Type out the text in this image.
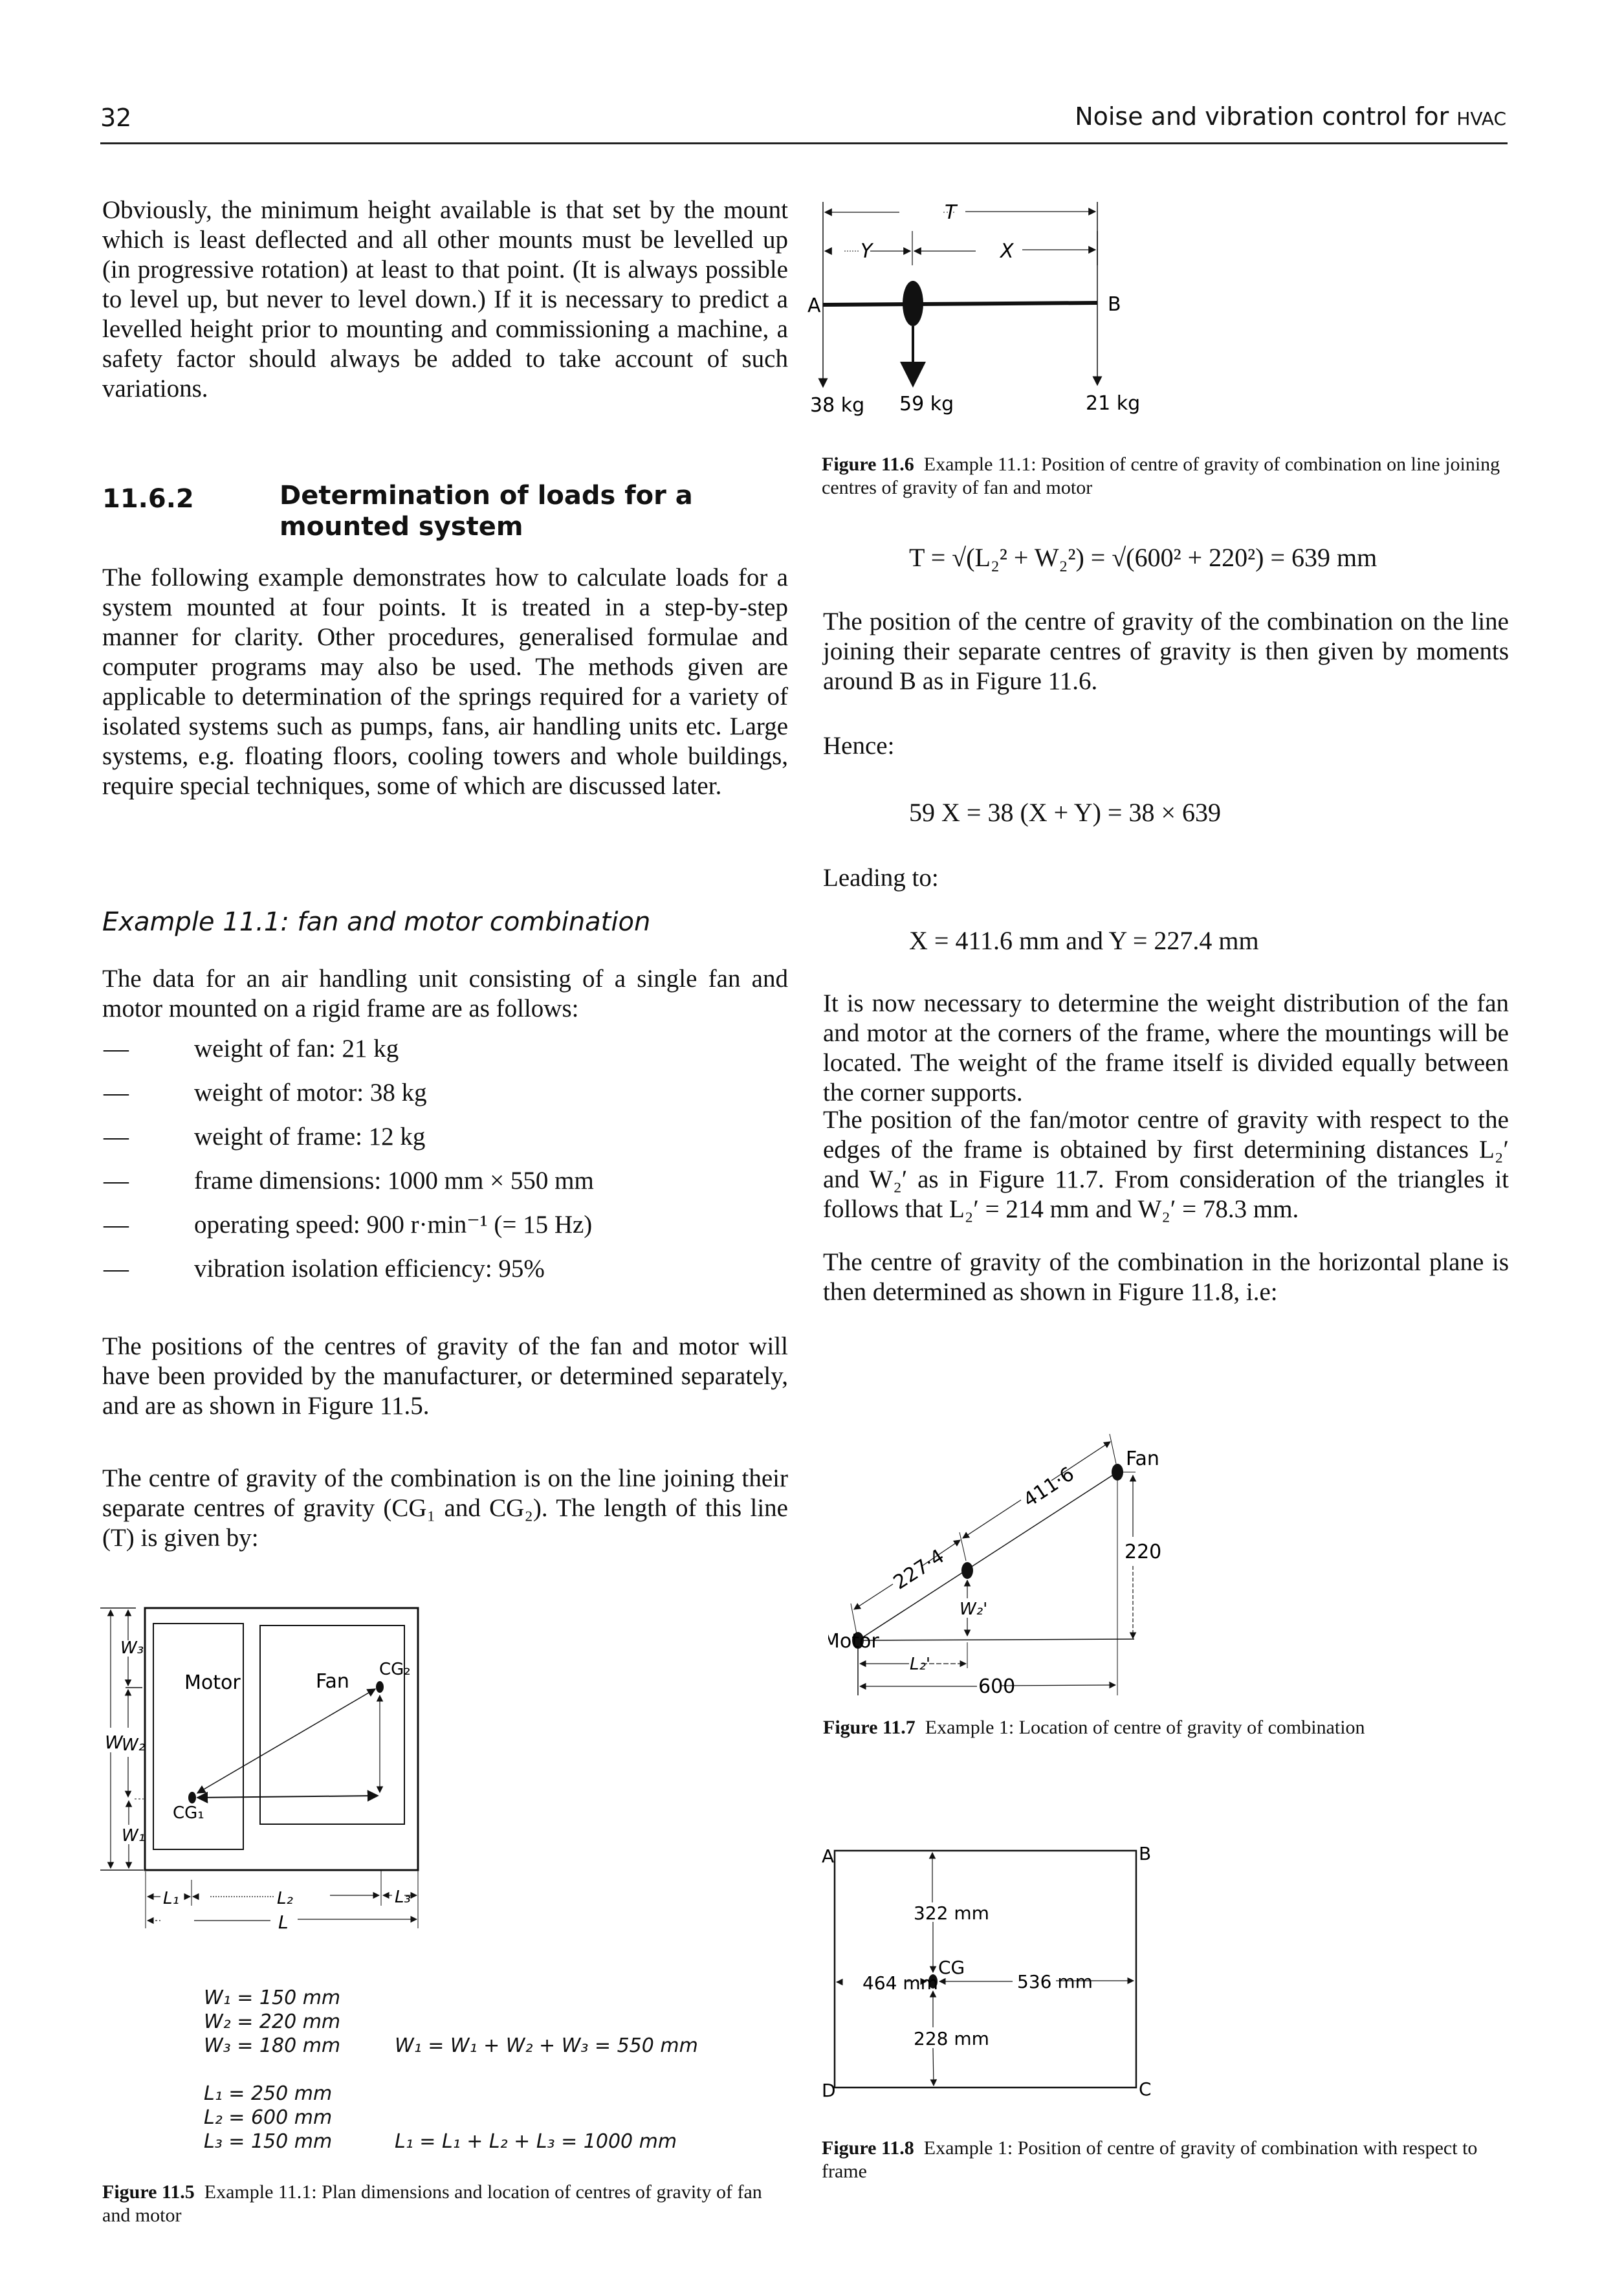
32	Noise and vibration control for HVAC

Obviously, the minimum height available is that set by the mount which is least deflected and all other mounts must be levelled up (in progressive rotation) at least to that point. (It is always possible to level up, but never to level down.) If it is necessary to predict a levelled height prior to mounting and commissioning a machine, a safety factor should always be added to take account of such variations.

11.6.2	Determination of loads for a mounted system

The following example demonstrates how to calculate loads for a system mounted at four points. It is treated in a step-by-step manner for clarity. Other procedures, generalised formulae and computer programs may also be used. The methods given are applicable to determination of the springs required for a variety of isolated systems such as pumps, fans, air handling units etc. Large systems, e.g. floating floors, cooling towers and whole buildings, require special techniques, some of which are discussed later.

Example 11.1: fan and motor combination

The data for an air handling unit consisting of a single fan and motor mounted on a rigid frame are as follows:

—	weight of fan: 21 kg
—	weight of motor: 38 kg
—	weight of frame: 12 kg
—	frame dimensions: 1000 mm × 550 mm
—	operating speed: 900 r·min⁻¹ (= 15 Hz)
—	vibration isolation efficiency: 95%

The positions of the centres of gravity of the fan and motor will have been provided by the manufacturer, or determined separately, and are as shown in Figure 11.5.

The centre of gravity of the combination is on the line joining their separate centres of gravity (CG₁ and CG₂). The length of this line (T) is given by:

Motor	Fan
CG₁
CG₂
W
W₃
W₂
W₁
L₁	L₂	L₃
L
W₁ = 150 mm
W₂ = 220 mm
W₃ = 180 mm	W₁ = W₁ + W₂ + W₃ = 550 mm
L₁ = 250 mm
L₂ = 600 mm
L₃ = 150 mm	L₁ = L₁ + L₂ + L₃ = 1000 mm
Figure 11.5 Example 11.1: Plan dimensions and location of centres of gravity of fan and motor
T
Y	X
A	B
38 kg 59 kg	21 kg
Figure 11.6 Example 11.1: Position of centre of gravity of combination on line joining centres of gravity of fan and motor
T = √(L₂² + W₂²) = √(600² + 220²) = 639 mm

The position of the centre of gravity of the combination on the line joining their separate centres of gravity is then given by moments around B as in Figure 11.6.

Hence:
59 X = 38 (X + Y) = 38 × 639
Leading to:
X = 411.6 mm and Y = 227.4 mm

It is now necessary to determine the weight distribution of the fan and motor at the corners of the frame, where the mountings will be located. The weight of the frame itself is divided equally between the corner supports.

The position of the fan/motor centre of gravity with respect to the edges of the frame is obtained by first determining distances L₂′ and W₂′ as in Figure 11.7. From consideration of the triangles it follows that L₂′ = 214 mm and W₂′ = 78.3 mm.

The centre of gravity of the combination in the horizontal plane is then determined as shown in Figure 11.8, i.e:

Fan
Motor
411·6
227·4	220
W₂'
L₂'
600
Figure 11.7 Example 1: Location of centre of gravity of combination
A	B
C
D
CG
322 mm
228 mm
464 mm	536 mm
Figure 11.8 Example 1: Position of centre of gravity of combination with respect to frame
